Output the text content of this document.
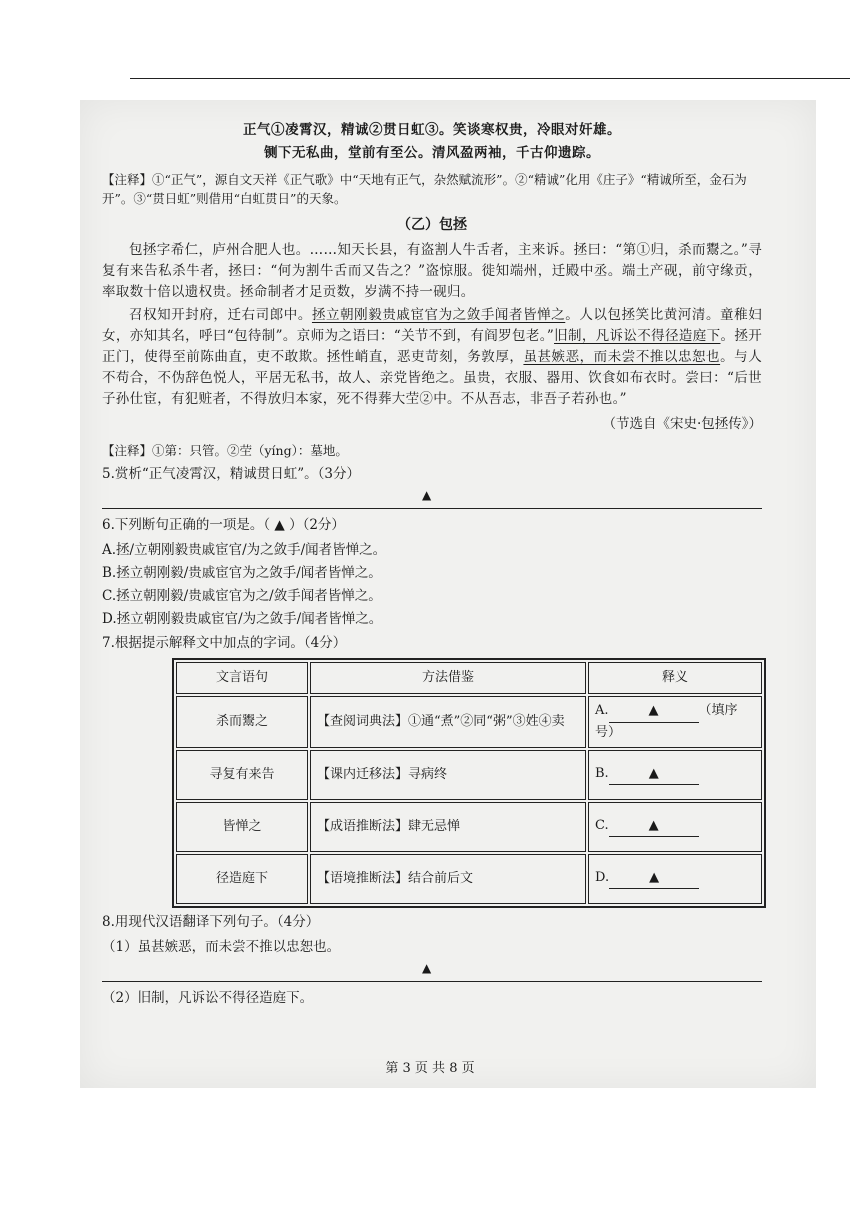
正气①凌霄汉，精诚②贯日虹③。笑谈寒权贵，冷眼对奸雄。
铡下无私曲，堂前有至公。清风盈两袖，千古仰遗踪。
【注释】①“正气”，源自文天祥《正气歌》中“天地有正气，杂然赋流形”。②“精诚”化用《庄子》“精诚所至，金石为开”。③“贯日虹”则借用“白虹贯日”的天象。
（乙）包拯

包拯字希仁，庐州合肥人也。……知天长县，有盗割人牛舌者，主来诉。拯曰：“第①归，杀而鬻之。”寻复有来告私杀牛者，拯曰：“何为割牛舌而又告之？”盗惊服。徙知端州，迁殿中丞。端土产砚，前守缘贡，率取数十倍以遗权贵。拯命制者才足贡数，岁满不持一砚归。

召权知开封府，迁右司郎中。拯立朝刚毅贵戚宦官为之敛手闻者皆惮之。人以包拯笑比黄河清。童稚妇女，亦知其名，呼曰“包待制”。京师为之语曰：“关节不到，有阎罗包老。”旧制，凡诉讼不得径造庭下。拯开正门，使得至前陈曲直，吏不敢欺。拯性峭直，恶吏苛刻，务敦厚，虽甚嫉恶，而未尝不推以忠恕也。与人不苟合，不伪辞色悦人，平居无私书，故人、亲党皆绝之。虽贵，衣服、器用、饮食如布衣时。尝曰：“后世子孙仕宦，有犯赃者，不得放归本家，死不得葬大茔②中。不从吾志，非吾子若孙也。”

（节选自《宋史·包拯传》）
【注释】①第：只管。②茔（yíng）：墓地。
5.赏析“正气凌霄汉，精诚贯日虹”。（3分）
▲
6.下列断句正确的一项是。（ ▲ ）（2分）
A.拯/立朝刚毅贵戚宦官/为之敛手/闻者皆惮之。
B.拯立朝刚毅/贵戚宦官为之敛手/闻者皆惮之。
C.拯立朝刚毅/贵戚宦官为之/敛手闻者皆惮之。
D.拯立朝刚毅贵戚宦官/为之敛手/闻者皆惮之。
7.根据提示解释文中加点的字词。（4分）
文言语句	方法借鉴	释义
杀而鬻之	【查阅词典法】①通“煮”②同“粥”③姓④卖	A. ▲ （填序号）
寻复有来告	【课内迁移法】寻病终	B. ▲
皆惮之	【成语推断法】肆无忌惮	C. ▲
径造庭下	【语境推断法】结合前后文	D. ▲
8.用现代汉语翻译下列句子。（4分）
（1）虽甚嫉恶，而未尝不推以忠恕也。
▲
（2）旧制，凡诉讼不得径造庭下。
第 3 页 共 8 页
